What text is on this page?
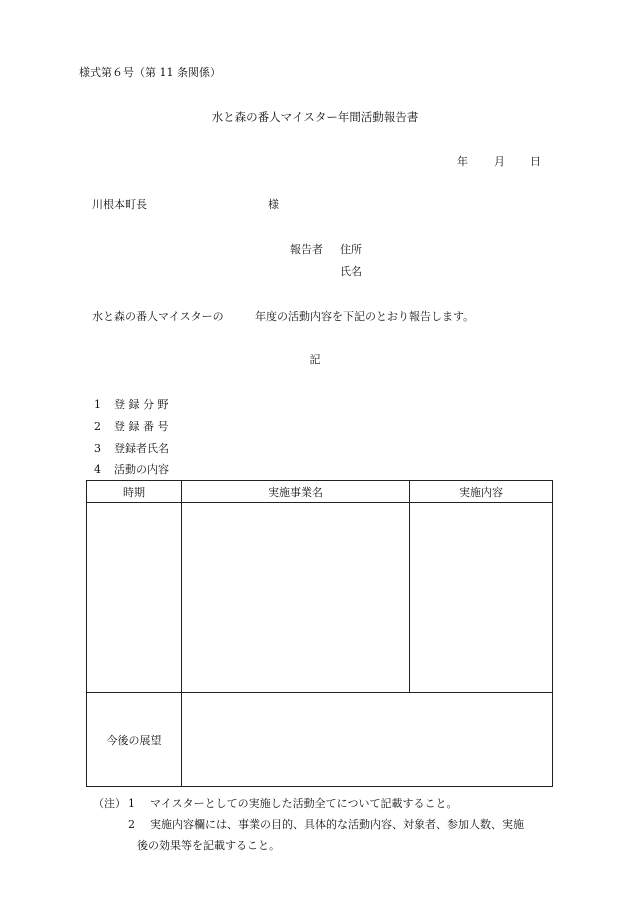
様式第６号（第 11 条関係）
水と森の番人マイスター年間活動報告書
年 月 日
川根本町長	様
報告者 住所
氏名
水と森の番人マイスターの	年度の活動内容を下記のとおり報告します。
記
1 登 録 分 野
2 登 録 番 号
3 登録者氏名
4 活動の内容
時期	実施事業名	実施内容

今後の展望		
（注） 1 マイスターとしての実施した活動全てについて記載すること。
2 実施内容欄には、事業の目的、具体的な活動内容、対象者、参加人数、実施

後の効果等を記載すること。
